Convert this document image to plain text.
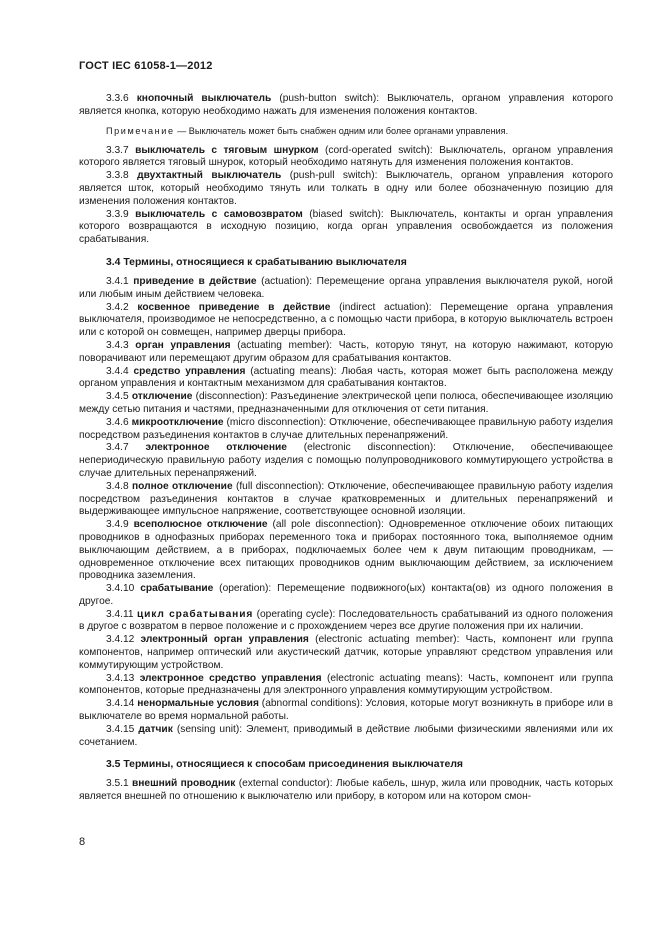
ГОСТ IEC 61058-1—2012

3.3.6 кнопочный выключатель (push-button switch): Выключатель, органом управления которого является кнопка, которую необходимо нажать для изменения положения контактов.

Примечание — Выключатель может быть снабжен одним или более органами управления.

3.3.7 выключатель с тяговым шнурком (cord-operated switch): Выключатель, органом управления которого является тяговый шнурок, который необходимо натянуть для изменения положения контактов.

3.3.8 двухтактный выключатель (push-pull switch): Выключатель, органом управления которого является шток, который необходимо тянуть или толкать в одну или более обозначенную позицию для изменения положения контактов.

3.3.9 выключатель с самовозвратом (biased switch): Выключатель, контакты и орган управления которого возвращаются в исходную позицию, когда орган управления освобождается из положения срабатывания.

3.4 Термины, относящиеся к срабатыванию выключателя

3.4.1 приведение в действие (actuation): Перемещение органа управления выключателя рукой, ногой или любым иным действием человека.

3.4.2 косвенное приведение в действие (indirect actuation): Перемещение органа управления выключателя, производимое не непосредственно, а с помощью части прибора, в которую выключатель встроен или с которой он совмещен, например дверцы прибора.

3.4.3 орган управления (actuating member): Часть, которую тянут, на которую нажимают, которую поворачивают или перемещают другим образом для срабатывания контактов.

3.4.4 средство управления (actuating means): Любая часть, которая может быть расположена между органом управления и контактным механизмом для срабатывания контактов.

3.4.5 отключение (disconnection): Разъединение электрической цепи полюса, обеспечивающее изоляцию между сетью питания и частями, предназначенными для отключения от сети питания.

3.4.6 микроотключение (micro disconnection): Отключение, обеспечивающее правильную работу изделия посредством разъединения контактов в случае длительных перенапряжений.

3.4.7 электронное отключение (electronic disconnection): Отключение, обеспечивающее непериодическую правильную работу изделия с помощью полупроводникового коммутирующего устройства в случае длительных перенапряжений.

3.4.8 полное отключение (full disconnection): Отключение, обеспечивающее правильную работу изделия посредством разъединения контактов в случае кратковременных и длительных перенапряжений и выдерживающее импульсное напряжение, соответствующее основной изоляции.

3.4.9 всеполюсное отключение (all pole disconnection): Одновременное отключение обоих питающих проводников в однофазных приборах переменного тока и приборах постоянного тока, выполняемое одним выключающим действием, а в приборах, подключаемых более чем к двум питающим проводникам, — одновременное отключение всех питающих проводников одним выключающим действием, за исключением проводника заземления.

3.4.10 срабатывание (operation): Перемещение подвижного(ых) контакта(ов) из одного положения в другое.

3.4.11 цикл срабатывания (operating cycle): Последовательность срабатываний из одного положения в другое с возвратом в первое положение и с прохождением через все другие положения при их наличии.

3.4.12 электронный орган управления (electronic actuating member): Часть, компонент или группа компонентов, например оптический или акустический датчик, которые управляют средством управления или коммутирующим устройством.

3.4.13 электронное средство управления (electronic actuating means): Часть, компонент или группа компонентов, которые предназначены для электронного управления коммутирующим устройством.

3.4.14 ненормальные условия (abnormal conditions): Условия, которые могут возникнуть в приборе или в выключателе во время нормальной работы.

3.4.15 датчик (sensing unit): Элемент, приводимый в действие любыми физическими явлениями или их сочетанием.

3.5 Термины, относящиеся к способам присоединения выключателя

3.5.1 внешний проводник (external conductor): Любые кабель, шнур, жила или проводник, часть которых является внешней по отношению к выключателю или прибору, в котором или на котором смон-

8
